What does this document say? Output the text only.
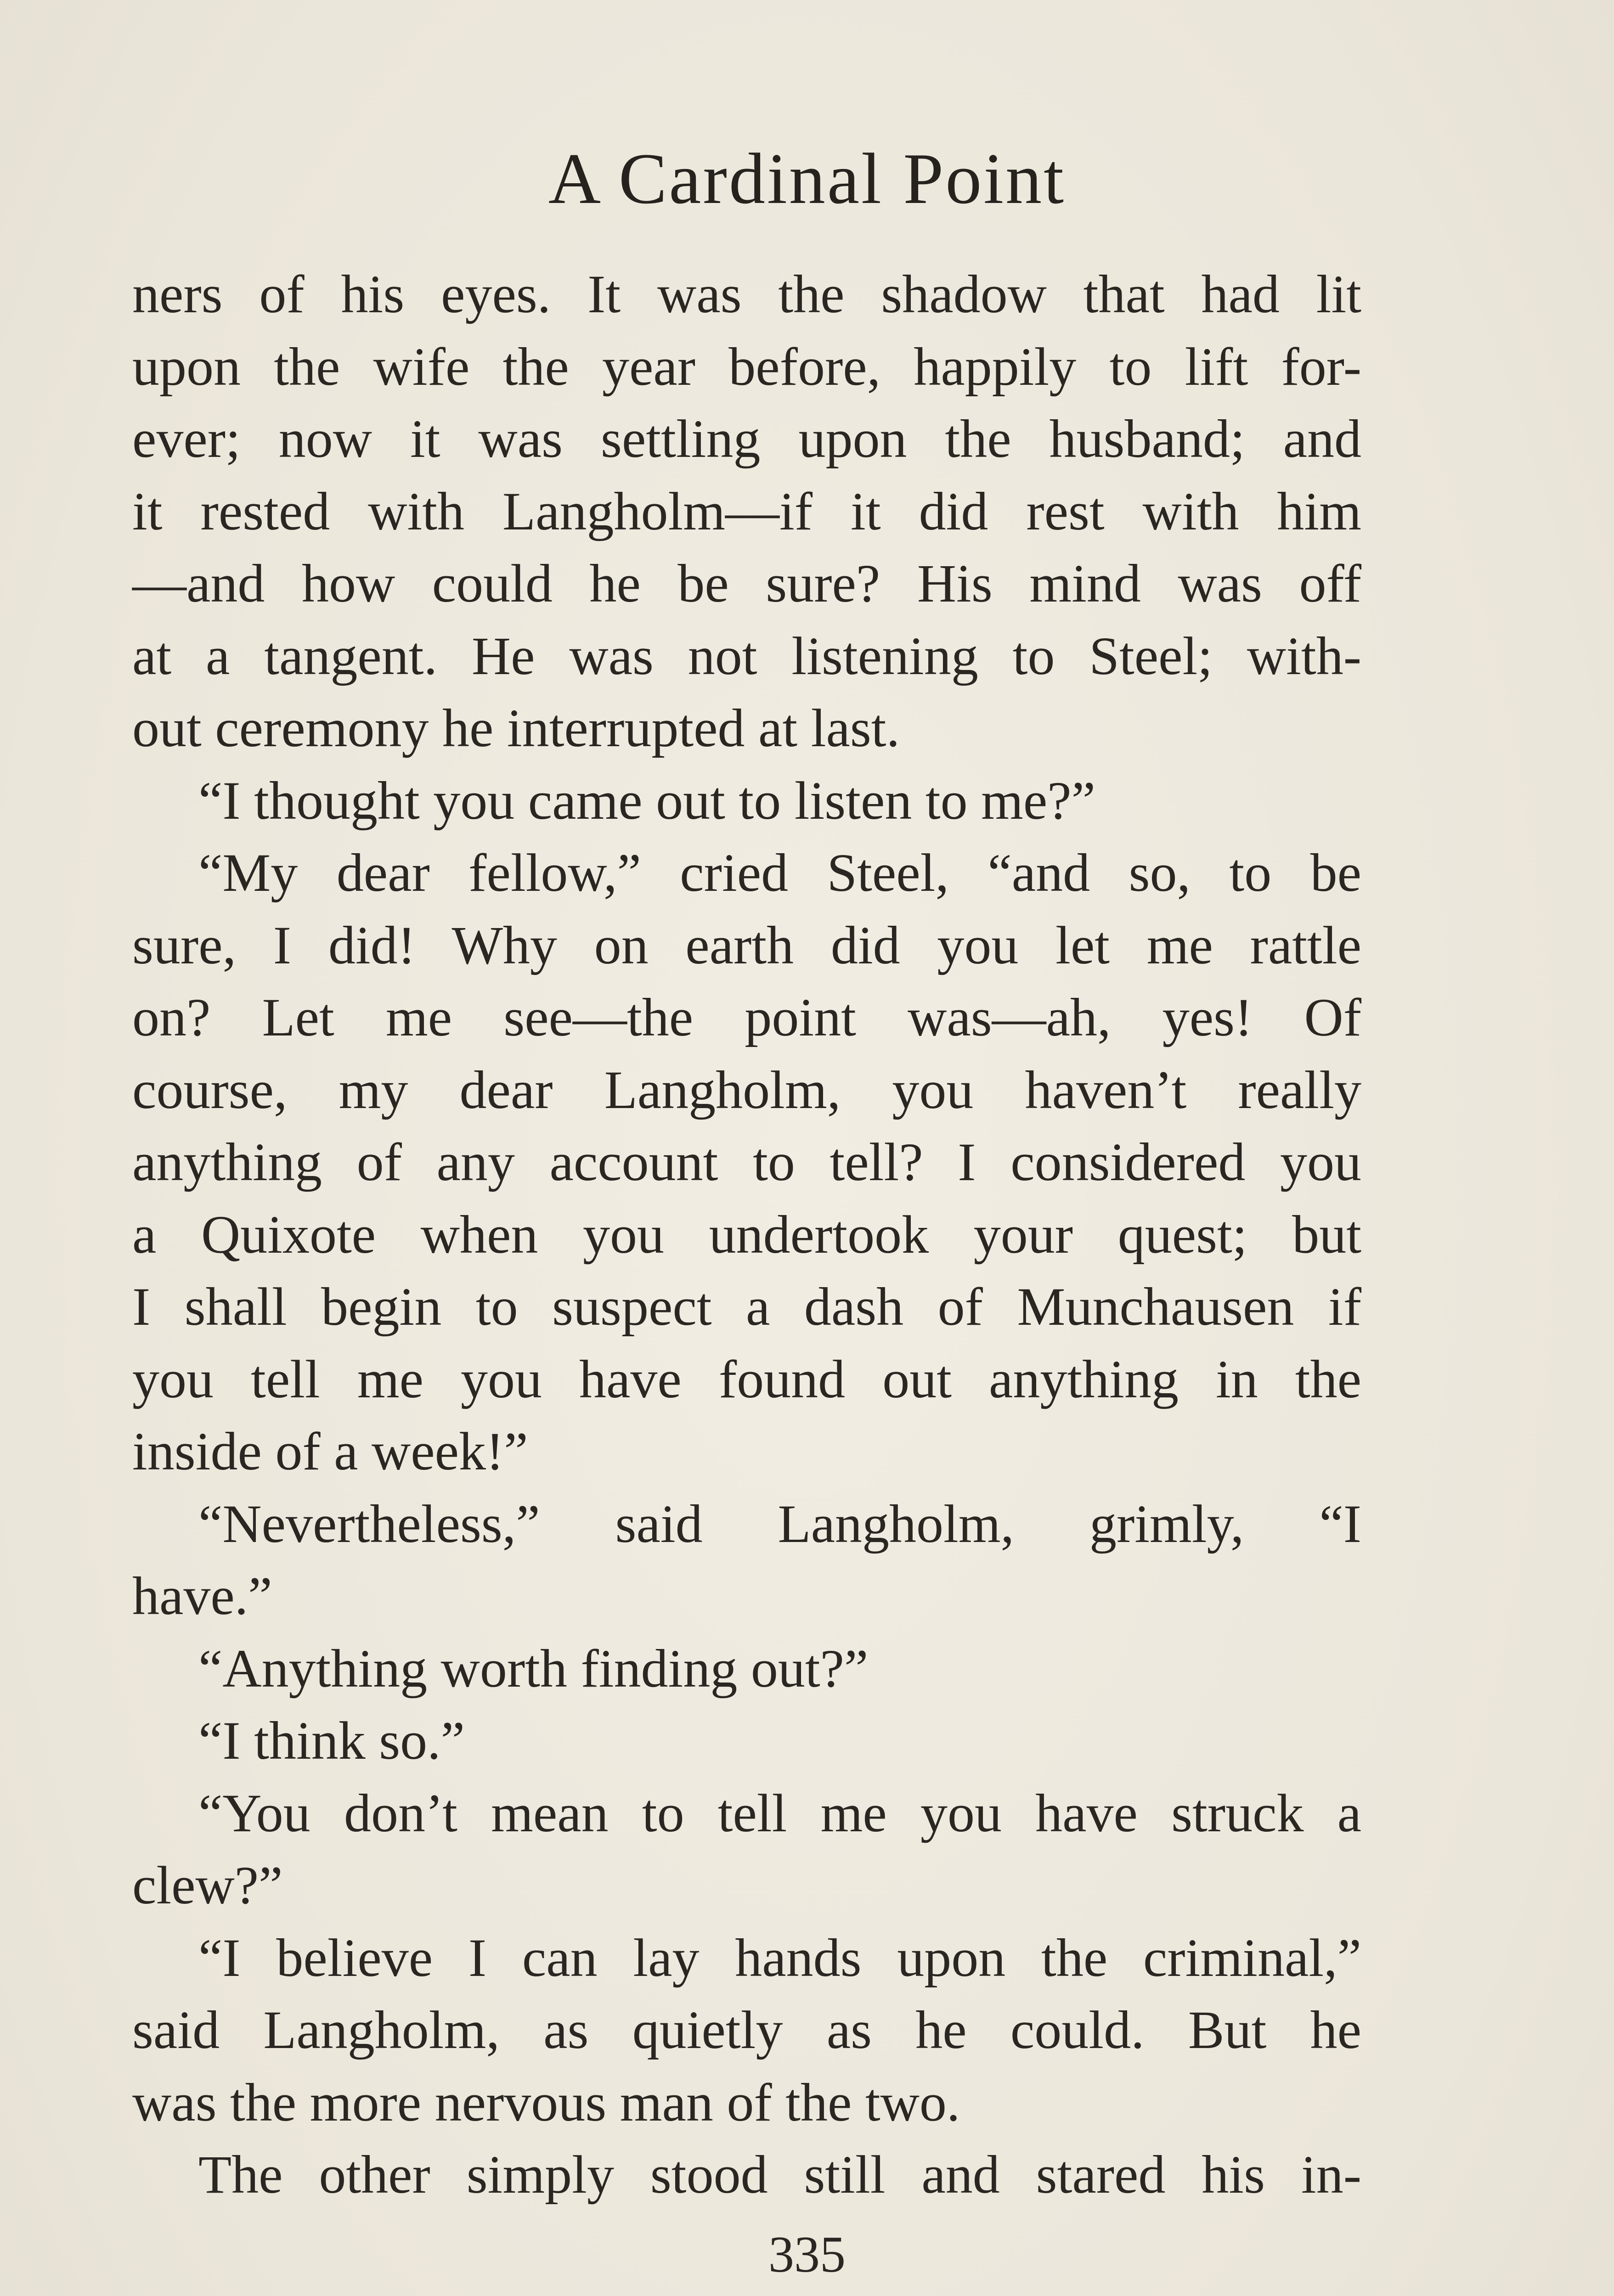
A Cardinal Point
ners of his eyes. It was the shadow that had lit
upon the wife the year before, happily to lift for-
ever; now it was settling upon the husband; and
it rested with Langholm—if it did rest with him
—and how could he be sure? His mind was off
at a tangent. He was not listening to Steel; with-
out ceremony he interrupted at last.
“I thought you came out to listen to me?”
“My dear fellow,” cried Steel, “and so, to be
sure, I did! Why on earth did you let me rattle
on? Let me see—the point was—ah, yes! Of
course, my dear Langholm, you haven’t really
anything of any account to tell? I considered you
a Quixote when you undertook your quest; but
I shall begin to suspect a dash of Munchausen if
you tell me you have found out anything in the
inside of a week!”
“Nevertheless,” said Langholm, grimly, “I
have.”
“Anything worth finding out?”
“I think so.”
“You don’t mean to tell me you have struck a
clew?”
“I believe I can lay hands upon the criminal,”
said Langholm, as quietly as he could. But he
was the more nervous man of the two.
The other simply stood still and stared his in-
335
